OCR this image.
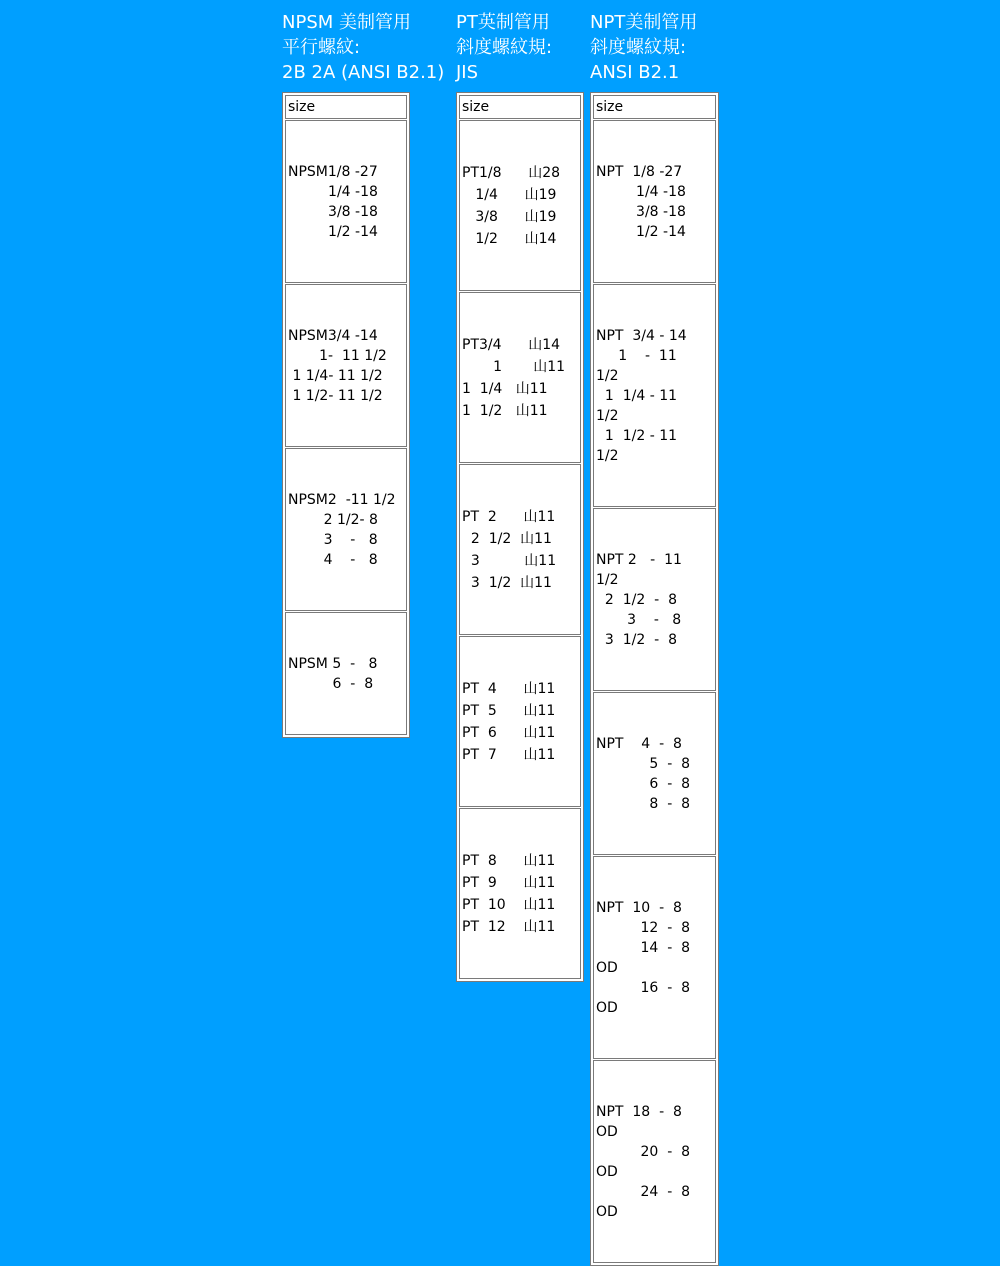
NPSM 美制管用
平行螺紋:
2B 2A (ANSI B2.1)
size

NPSM1/8 -27
1/4 -18
3/8 -18
1/2 -14

NPSM3/4 -14
1-  11 1/2
1 1/4- 11 1/2
1 1/2- 11 1/2

NPSM2  -11 1/2
2 1/2- 8
3    -   8
4    -   8

NPSM 5  -   8
6  -  8

PT英制管用
斜度螺紋規:
JIS
size

PT1/8      山28
1/4      山19
3/8      山19
1/2      山14

PT3/4      山14
1       山11
1  1/4   山11
1  1/2   山11

PT  2      山11
2  1/2  山11
3          山11
3  1/2  山11

PT  4      山11
PT  5      山11
PT  6      山11
PT  7      山11

PT  8      山11
PT  9      山11
PT  10    山11
PT  12    山11

NPT美制管用
斜度螺紋規:
ANSI B2.1
size

NPT  1/8 -27
1/4 -18
3/8 -18
1/2 -14

NPT  3/4 - 14
1    -  11
1/2
1  1/4 - 11
1/2
1  1/2 - 11
1/2

NPT 2   -  11
1/2
2  1/2  -  8
3    -   8
3  1/2  -  8

NPT    4  -  8
5  -  8
6  -  8
8  -  8

NPT  10  -  8
12  -  8
14  -  8
OD
16  -  8
OD

NPT  18  -  8
OD
20  -  8
OD
24  -  8
OD
